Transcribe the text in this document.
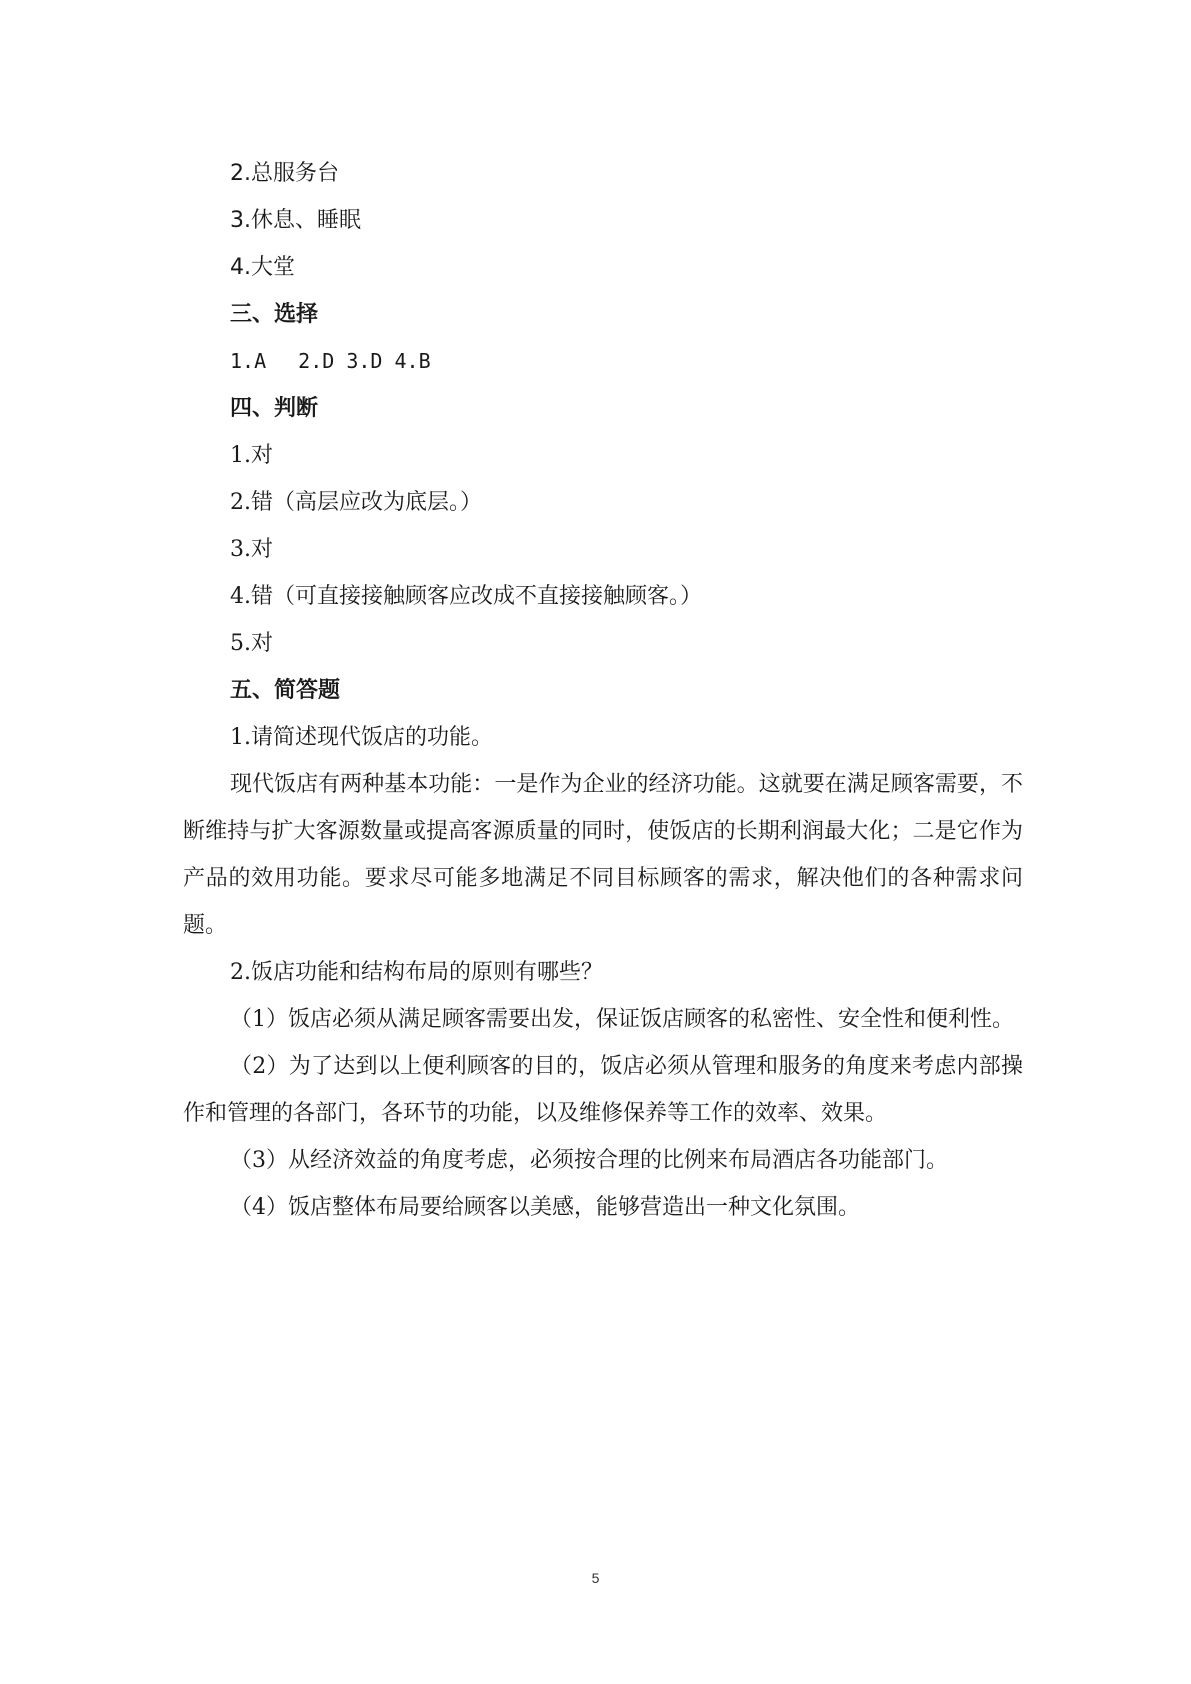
2.总服务台
3.休息、睡眠
4.大堂
三、选择
1.A　 2.D 3.D 4.B
四、判断
1.对
2.错（高层应改为底层。）
3.对
4.错（可直接接触顾客应改成不直接接触顾客。）
5.对
五、简答题
1.请简述现代饭店的功能。

现代饭店有两种基本功能：一是作为企业的经济功能。这就要在满足顾客需要，不断维持与扩大客源数量或提高客源质量的同时，使饭店的长期利润最大化；二是它作为产品的效用功能。要求尽可能多地满足不同目标顾客的需求，解决他们的各种需求问题。

2.饭店功能和结构布局的原则有哪些？

（1）饭店必须从满足顾客需要出发，保证饭店顾客的私密性、安全性和便利性。

（2）为了达到以上便利顾客的目的，饭店必须从管理和服务的角度来考虑内部操作和管理的各部门，各环节的功能，以及维修保养等工作的效率、效果。

（3）从经济效益的角度考虑，必须按合理的比例来布局酒店各功能部门。

（4）饭店整体布局要给顾客以美感，能够营造出一种文化氛围。

5
